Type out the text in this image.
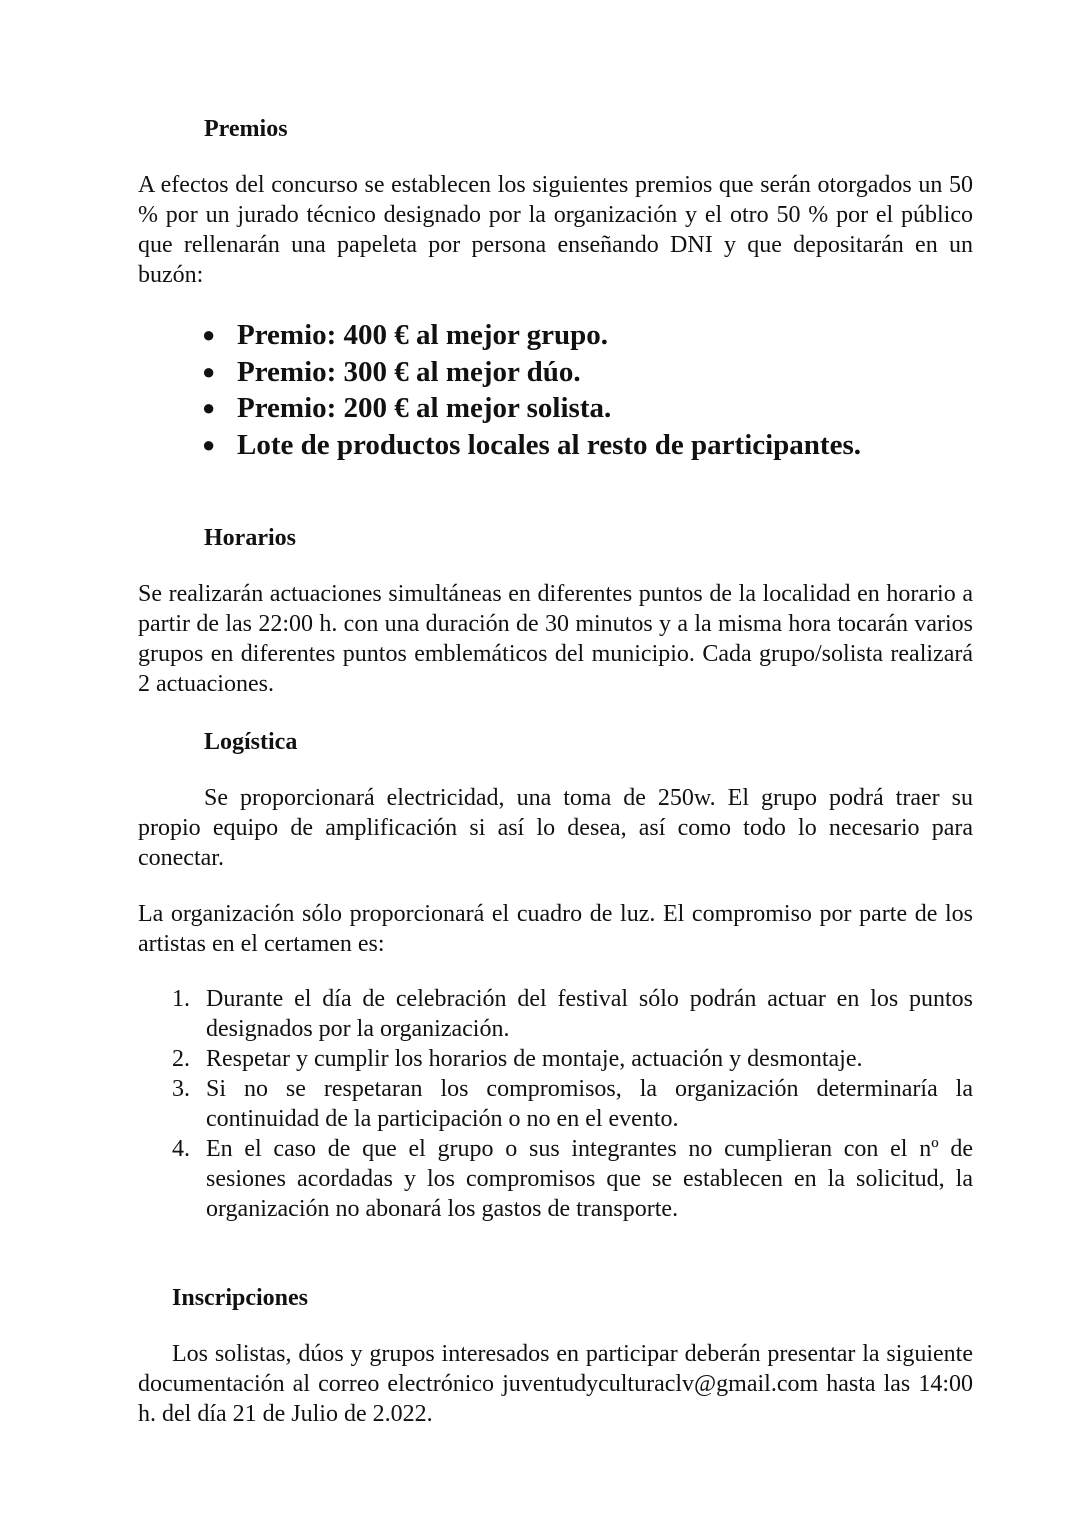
Premios

A efectos del concurso se establecen los siguientes premios que serán otorgados un 50 % por un jurado técnico designado por la organización y el otro 50 % por el público que rellenarán una papeleta por persona enseñando DNI y que depositarán en un buzón:

● Premio: 400 € al mejor grupo.
● Premio: 300 € al mejor dúo.
● Premio: 200 € al mejor solista.
● Lote de productos locales al resto de participantes.
Horarios

Se realizarán actuaciones simultáneas en diferentes puntos de la localidad en horario a partir de las 22:00 h. con una duración de 30 minutos y a la misma hora tocarán varios grupos en diferentes puntos emblemáticos del municipio. Cada grupo/solista realizará 2 actuaciones.

Logística

Se proporcionará electricidad, una toma de 250w. El grupo podrá traer su propio equipo de amplificación si así lo desea, así como todo lo necesario para conectar.

La organización sólo proporcionará el cuadro de luz. El compromiso por parte de los artistas en el certamen es:

1. Durante el día de celebración del festival sólo podrán actuar en los puntos designados por la organización.
2. Respetar y cumplir los horarios de montaje, actuación y desmontaje.
3. Si no se respetaran los compromisos, la organización determinaría la continuidad de la participación o no en el evento.
4. En el caso de que el grupo o sus integrantes no cumplieran con el nº de sesiones acordadas y los compromisos que se establecen en la solicitud, la organización no abonará los gastos de transporte.
Inscripciones

Los solistas, dúos y grupos interesados en participar deberán presentar la siguiente documentación al correo electrónico juventudyculturaclv@gmail.com hasta las 14:00 h. del día 21 de Julio de 2.022.
